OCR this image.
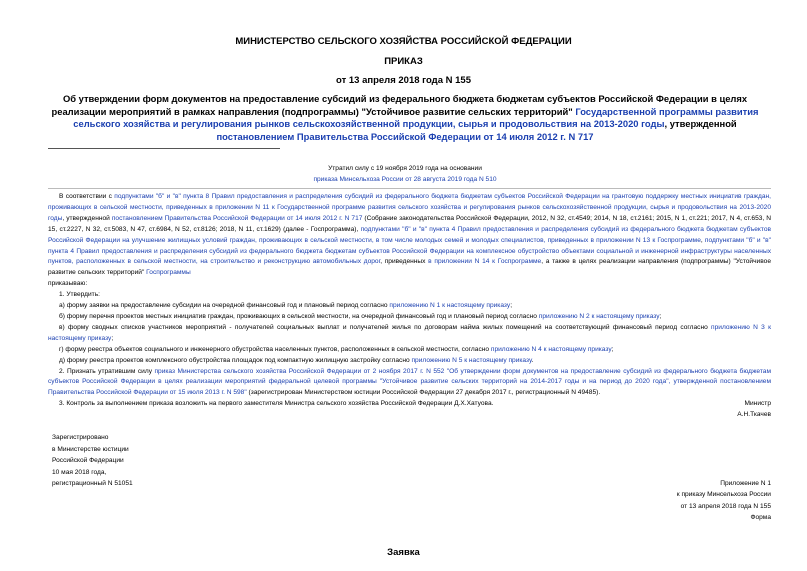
МИНИСТЕРСТВО СЕЛЬСКОГО ХОЗЯЙСТВА РОССИЙСКОЙ ФЕДЕРАЦИИ
ПРИКАЗ
от 13 апреля 2018 года N 155
Об утверждении форм документов на предоставление субсидий из федерального бюджета бюджетам субъектов Российской Федерации в целях реализации мероприятий в рамках направления (подпрограммы) "Устойчивое развитие сельских территорий" Государственной программы развития сельского хозяйства и регулирования рынков сельскохозяйственной продукции, сырья и продовольствия на 2013-2020 годы, утвержденной постановлением Правительства Российской Федерации от 14 июля 2012 г. N 717
Утратил силу с 19 ноября 2019 года на основании
приказа Минсельхоза России от 28 августа 2019 года N 510

В соответствии с подпунктами "б" и "в" пункта 8 Правил предоставления и распределения субсидий из федерального бюджета бюджетам субъектов Российской Федерации на грантовую поддержку местных инициатив граждан, проживающих в сельской местности, приведенных в приложении N 11 к Государственной программе развития сельского хозяйства и регулирования рынков сельскохозяйственной продукции, сырья и продовольствия на 2013-2020 годы, утвержденной постановлением Правительства Российской Федерации от 14 июля 2012 г. N 717 (Собрание законодательства Российской Федерации, 2012, N 32, ст.4549; 2014, N 18, ст.2161; 2015, N 1, ст.221; 2017, N 4, ст.653, N 15, ст.2227, N 32, ст.5083, N 47, ст.6984, N 52, ст.8126; 2018, N 11, ст.1629) (далее - Госпрограмма), подпунктами "б" и "в" пункта 4 Правил предоставления и распределения субсидий из федерального бюджета бюджетам субъектов Российской Федерации на улучшение жилищных условий граждан, проживающих в сельской местности, в том числе молодых семей и молодых специалистов, приведенных в приложении N 13 к Госпрограмме, подпунктами "б" и "в" пункта 4 Правил предоставления и распределения субсидий из федерального бюджета бюджетам субъектов Российской Федерации на комплексное обустройство объектами социальной и инженерной инфраструктуры населенных пунктов, расположенных в сельской местности, на строительство и реконструкцию автомобильных дорог, приведенных в приложении N 14 к Госпрограмме, а также в целях реализации направления (подпрограммы) "Устойчивое развитие сельских территорий" Госпрограммы

приказываю:

1. Утвердить:

а) форму заявки на предоставление субсидии на очередной финансовый год и плановый период согласно приложению N 1 к настоящему приказу;

б) форму перечня проектов местных инициатив граждан, проживающих в сельской местности, на очередной финансовый год и плановый период согласно приложению N 2 к настоящему приказу;

в) форму сводных списков участников мероприятий - получателей социальных выплат и получателей жилья по договорам найма жилых помещений на соответствующий финансовый период согласно приложению N 3 к настоящему приказу;

г) форму реестра объектов социального и инженерного обустройства населенных пунктов, расположенных в сельской местности, согласно приложению N 4 к настоящему приказу;

д) форму реестра проектов комплексного обустройства площадок под компактную жилищную застройку согласно приложению N 5 к настоящему приказу.

2. Признать утратившим силу приказ Министерства сельского хозяйства Российской Федерации от 2 ноября 2017 г. N 552 "Об утверждении форм документов на предоставление субсидий из федерального бюджета бюджетам субъектов Российской Федерации в целях реализации мероприятий федеральной целевой программы "Устойчивое развитие сельских территорий на 2014-2017 годы и на период до 2020 года", утвержденной постановлением Правительства Российской Федерации от 15 июля 2013 г. N 598" (зарегистрирован Министерством юстиции Российской Федерации 27 декабря 2017 г., регистрационный N 49485).

3. Контроль за выполнением приказа возложить на первого заместителя Министра сельского хозяйства Российской Федерации Д.Х.Хатуова.	Министр
А.Н.Ткачев
Зарегистрировано
в Министерстве юстиции
Российской Федерации
10 мая 2018 года,
регистрационный N 51051	Приложение N 1
к приказу Минсельхоза России
от 13 апреля 2018 года N 155
Форма
Заявка
